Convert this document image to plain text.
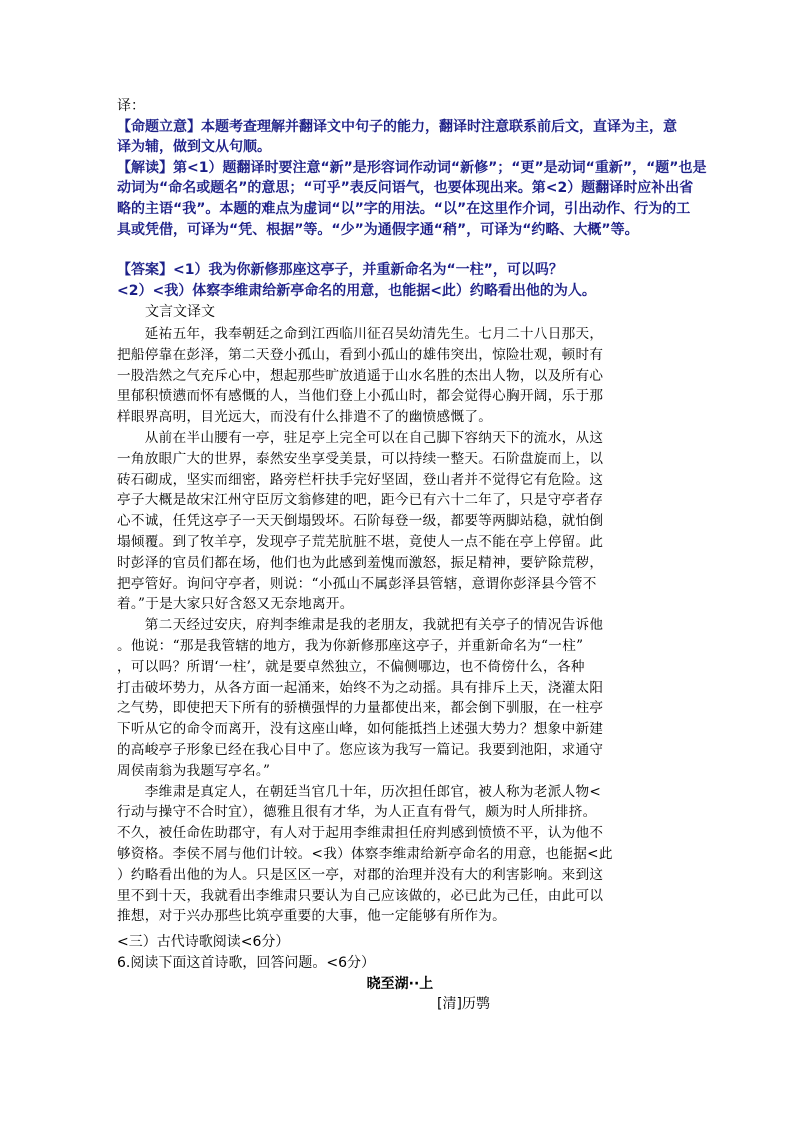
译：
【命题立意】本题考查理解并翻译文中句子的能力，翻译时注意联系前后文，直译为主，意
译为辅，做到文从句顺。
【解读】第<1）题翻译时要注意“新”是形容词作动词“新修”；“更”是动词“重新”，“题”也是
动词为“命名或题名”的意思；“可乎”表反问语气，也要体现出来。第<2）题翻译时应补出省
略的主语“我”。本题的难点为虚词“以”字的用法。“以”在这里作介词，引出动作、行为的工
具或凭借，可译为“凭、根据”等。“少”为通假字通“稍”，可译为“约略、大概”等。
【答案】<1）我为你新修那座这亭子，并重新命名为“一柱”，可以吗？
<2）<我）体察李维肃给新亭命名的用意，也能据<此）约略看出他的为人。
文言文译文
　　延祐五年，我奉朝廷之命到江西临川征召吴幼清先生。七月二十八日那天，
把船停靠在彭泽，第二天登小孤山，看到小孤山的雄伟突出，惊险壮观，顿时有
一股浩然之气充斥心中，想起那些旷放逍遥于山水名胜的杰出人物，以及所有心
里郁积愤懑而怀有感慨的人，当他们登上小孤山时，都会觉得心胸开阔，乐于那
样眼界高明，目光远大，而没有什么排遣不了的幽愤感慨了。
　　从前在半山腰有一亭，驻足亭上完全可以在自己脚下容纳天下的流水，从这
一角放眼广大的世界，泰然安坐享受美景，可以持续一整天。石阶盘旋而上，以
砖石砌成，坚实而细密，路旁栏杆扶手完好坚固，登山者并不觉得它有危险。这
亭子大概是故宋江州守臣厉文翁修建的吧，距今已有六十二年了，只是守亭者存
心不诚，任凭这亭子一天天倒塌毁坏。石阶每登一级，都要等两脚站稳，就怕倒
塌倾覆。到了牧羊亭，发现亭子荒芜肮脏不堪，竟使人一点不能在亭上停留。此
时彭泽的官员们都在场，他们也为此感到羞愧而激怒，振足精神，要铲除荒秽，
把亭管好。询问守亭者，则说：“小孤山不属彭泽县管辖，意谓你彭泽县今管不
着。”于是大家只好含怒又无奈地离开。
　　第二天经过安庆，府判李维肃是我的老朋友，我就把有关亭子的情况告诉他
。他说：“那是我管辖的地方，我为你新修那座这亭子，并重新命名为“一柱”
，可以吗？所谓‘一柱’，就是要卓然独立，不偏侧哪边，也不倚傍什么，各种
打击破坏势力，从各方面一起涌来，始终不为之动摇。具有排斥上天，浇灌太阳
之气势，即使把天下所有的骄横强悍的力量都使出来，都会倒下驯服，在一柱亭
下听从它的命令而离开，没有这座山峰，如何能抵挡上述强大势力？想象中新建
的高峻亭子形象已经在我心目中了。您应该为我写一篇记。我要到池阳，求通守
周侯南翁为我题写亭名。”
　　李维肃是真定人，在朝廷当官几十年，历次担任郎官，被人称为老派人物<
行动与操守不合时宜），德雅且很有才华，为人正直有骨气，颇为时人所排挤。
不久，被任命佐助郡守，有人对于起用李维肃担任府判感到愤愤不平，认为他不
够资格。李侯不屑与他们计较。<我）体察李维肃给新亭命名的用意，也能据<此
）约略看出他的为人。只是区区一亭，对郡的治理并没有大的利害影响。来到这
里不到十天，我就看出李维肃只要认为自己应该做的，必已此为己任，由此可以
推想，对于兴办那些比筑亭重要的大事，他一定能够有所作为。
<三）古代诗歌阅读<6分）
6.阅读下面这首诗歌，回答问题。<6分）
晓至湖··上
[清]历鹗
